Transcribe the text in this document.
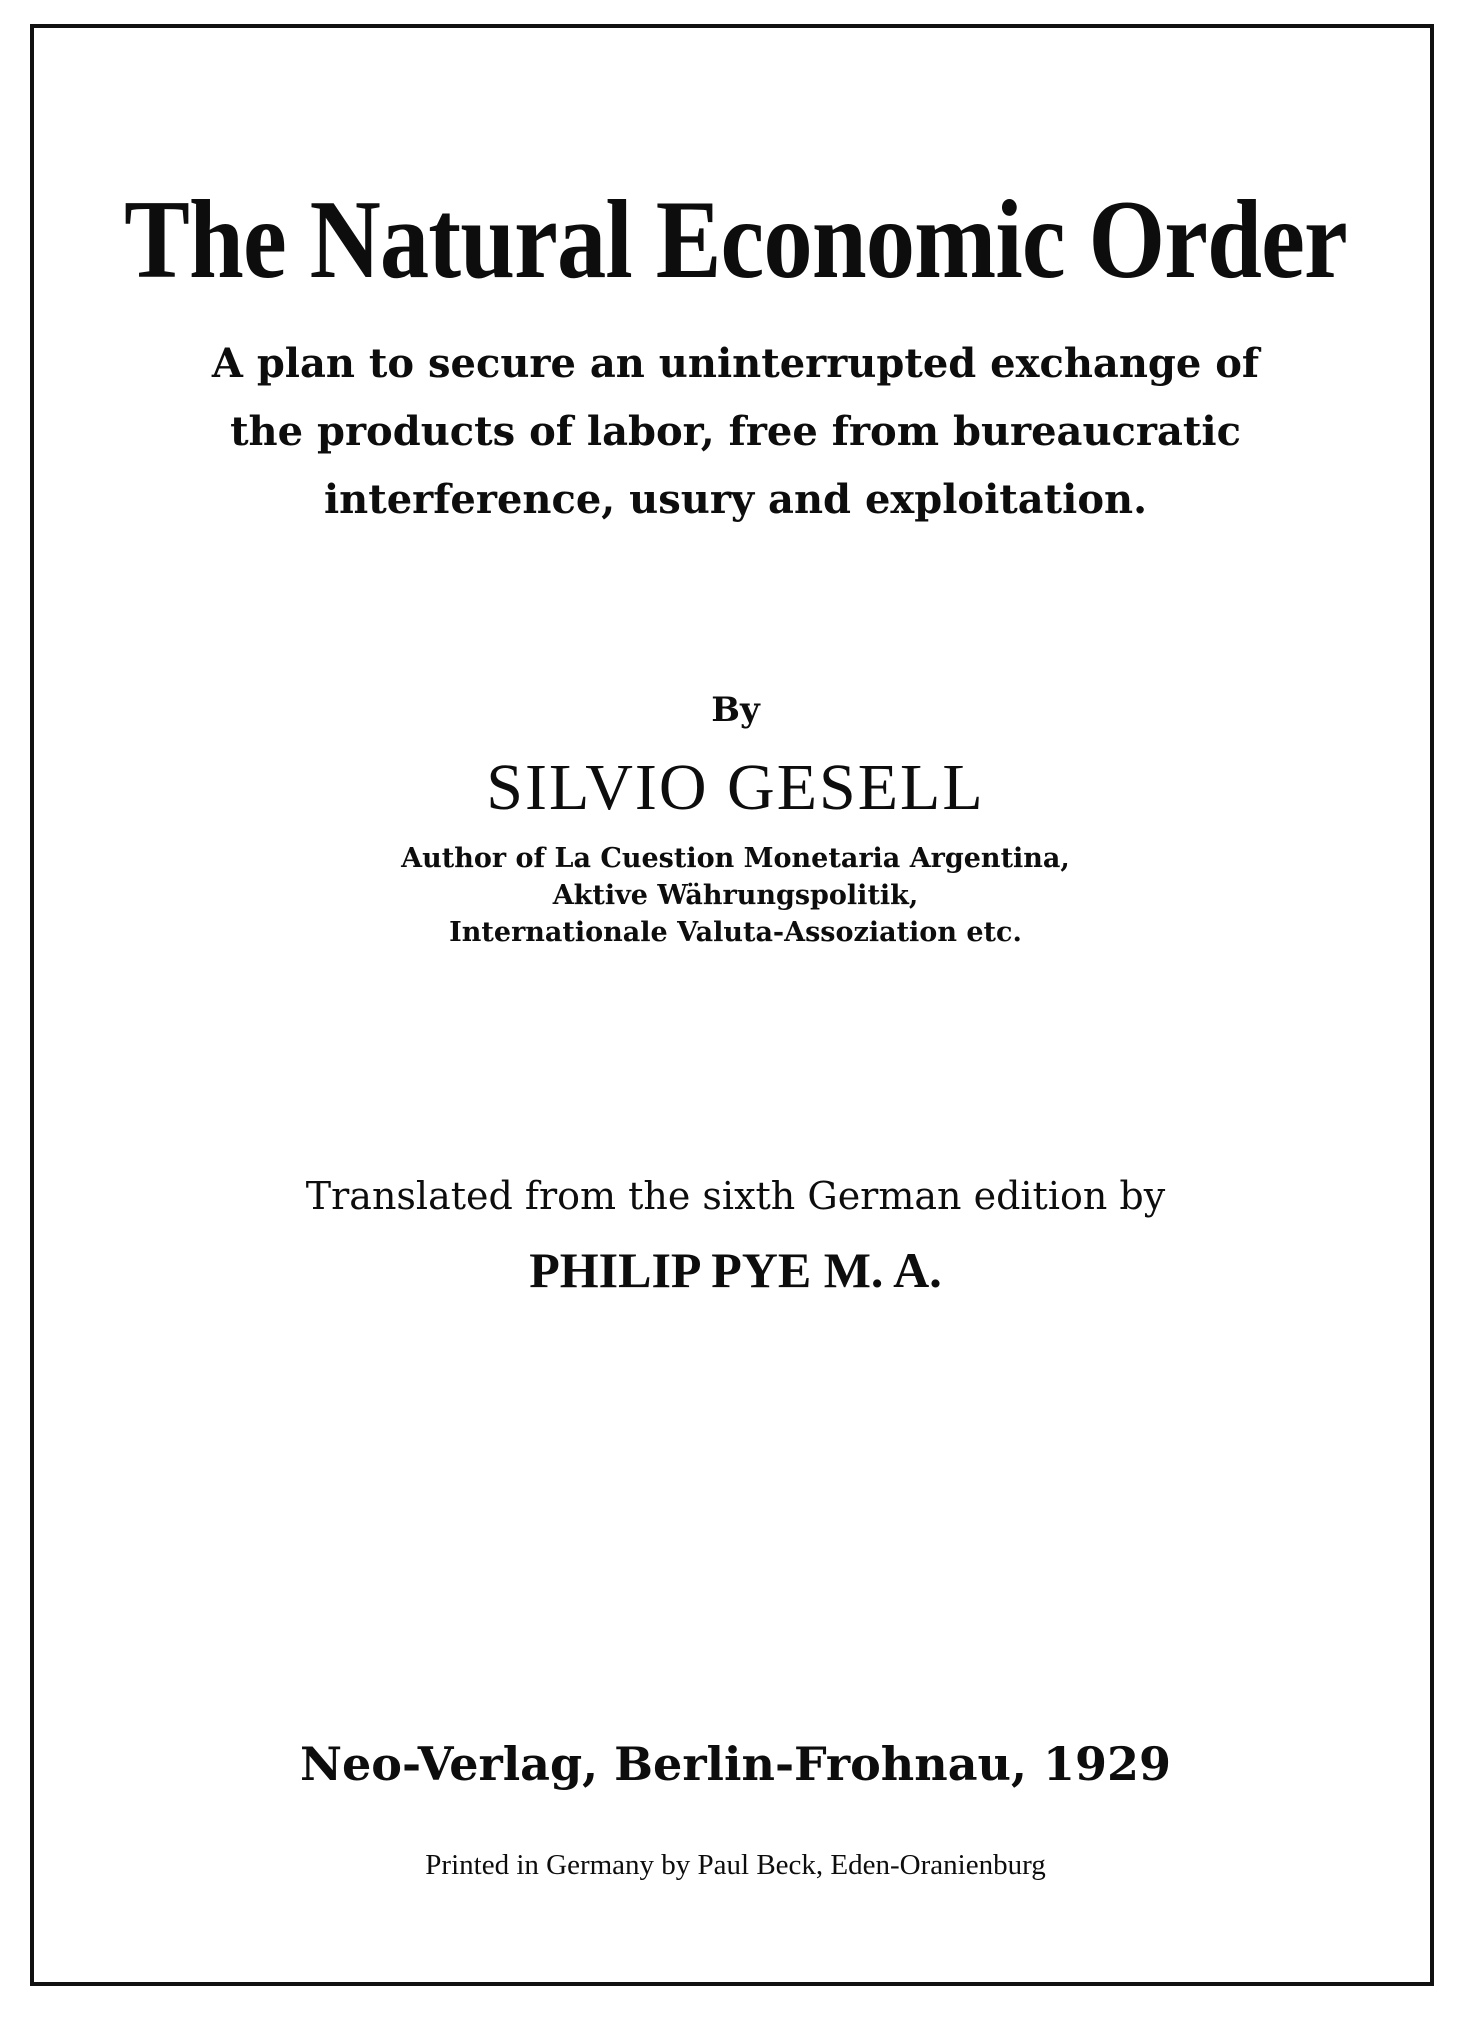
The Natural Economic Order
A plan to secure an uninterrupted exchange of
the products of labor, free from bureaucratic
interference, usury and exploitation.
By
SILVIO GESELL
Author of La Cuestion Monetaria Argentina,
Aktive Währungspolitik,
Internationale Valuta-Assoziation etc.
Translated from the sixth German edition by
PHILIP PYE M. A.
Neo-Verlag, Berlin-Frohnau, 1929
Printed in Germany by Paul Beck, Eden-Oranienburg
